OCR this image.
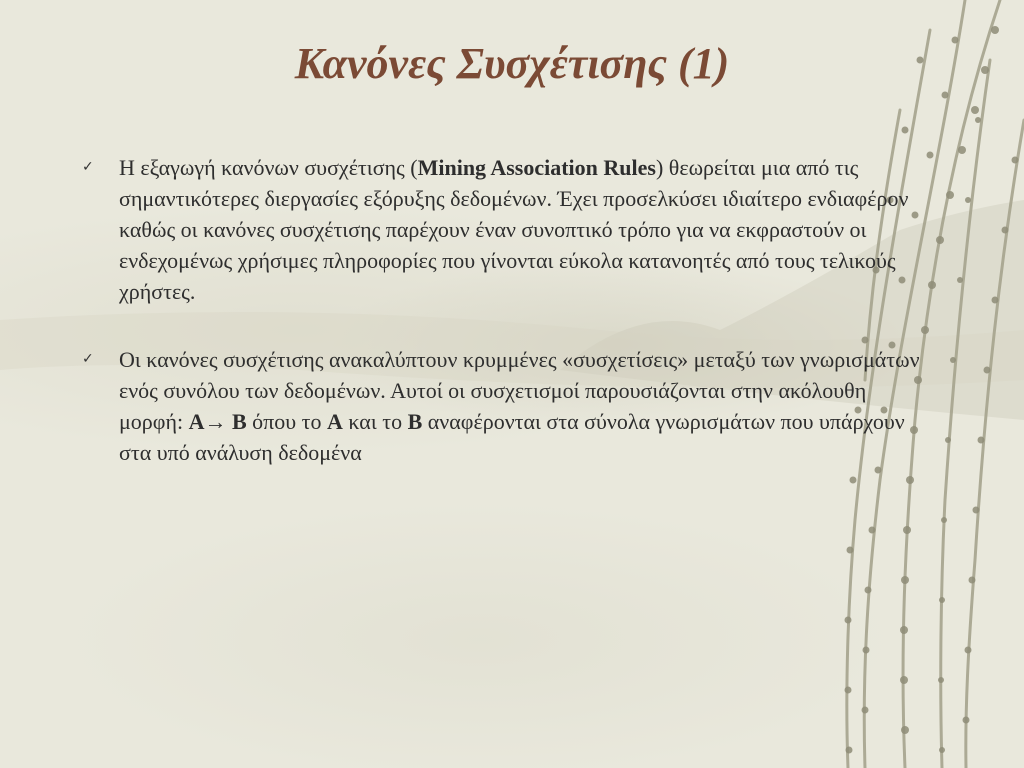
Κανόνες Συσχέτισης (1)
✓ Η εξαγωγή κανόνων συσχέτισης (Mining Association Rules) θεωρείται μια από τις σημαντικότερες διεργασίες εξόρυξης δεδομένων. Έχει προσελκύσει ιδιαίτερο ενδιαφέρον καθώς οι κανόνες συσχέτισης παρέχουν έναν συνοπτικό τρόπο για να εκφραστούν οι ενδεχομένως χρήσιμες πληροφορίες που γίνονται εύκολα κατανοητές από τους τελικούς χρήστες.
✓ Οι κανόνες συσχέτισης ανακαλύπτουν κρυμμένες «συσχετίσεις» μεταξύ των γνωρισμάτων ενός συνόλου των δεδομένων. Αυτοί οι συσχετισμοί παρουσιάζονται στην ακόλουθη μορφή: A→ B όπου το A και το B αναφέρονται στα σύνολα γνωρισμάτων που υπάρχουν στα υπό ανάλυση δεδομένα
